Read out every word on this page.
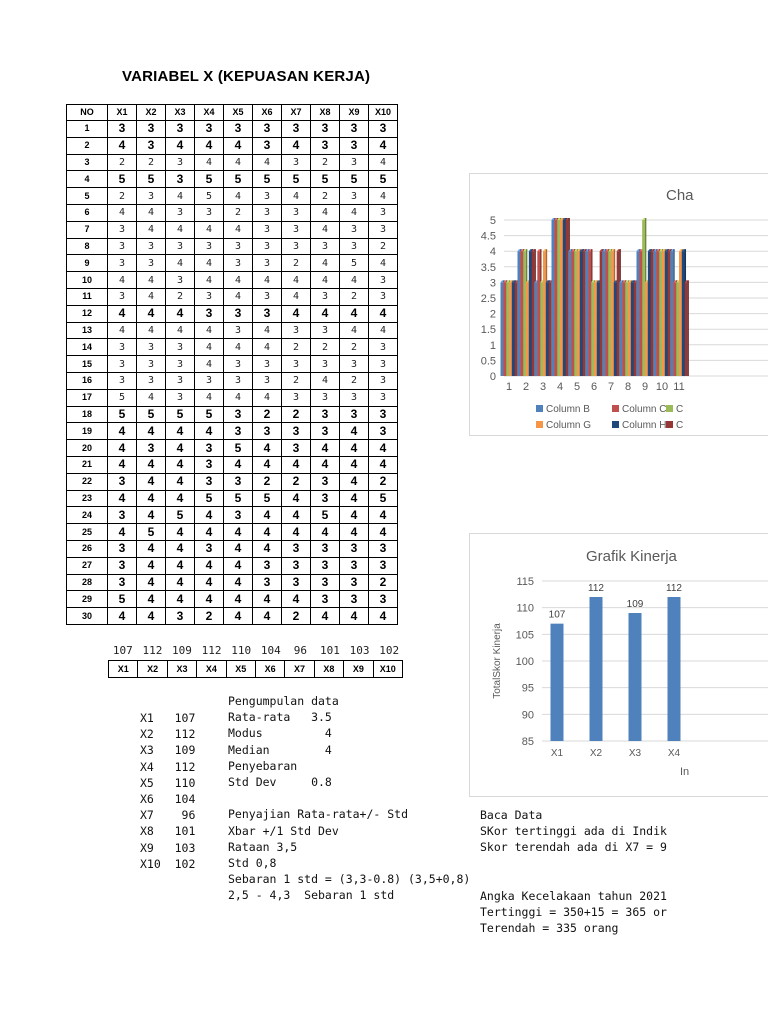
VARIABEL X (KEPUASAN KERJA)
NO	X1	X2	X3	X4	X5	X6	X7	X8	X9	X10
1	3	3	3	3	3	3	3	3	3	3
2	4	3	4	4	4	3	4	3	3	4
3	2	2	3	4	4	4	3	2	3	4
4	5	5	3	5	5	5	5	5	5	5
5	2	3	4	5	4	3	4	2	3	4
6	4	4	3	3	2	3	3	4	4	3
7	3	4	4	4	4	3	3	4	3	3
8	3	3	3	3	3	3	3	3	3	2
9	3	3	4	4	3	3	2	4	5	4
10	4	4	3	4	4	4	4	4	4	3
11	3	4	2	3	4	3	4	3	2	3
12	4	4	4	3	3	3	4	4	4	4
13	4	4	4	4	3	4	3	3	4	4
14	3	3	3	4	4	4	2	2	2	3
15	3	3	3	4	3	3	3	3	3	3
16	3	3	3	3	3	3	2	4	2	3
17	5	4	3	4	4	4	3	3	3	3
18	5	5	5	5	3	2	2	3	3	3
19	4	4	4	4	3	3	3	3	4	3
20	4	3	4	3	5	4	3	4	4	4
21	4	4	4	3	4	4	4	4	4	4
22	3	4	4	3	3	2	2	3	4	2
23	4	4	4	5	5	5	4	3	4	5
24	3	4	5	4	3	4	4	5	4	4
25	4	5	4	4	4	4	4	4	4	4
26	3	4	4	3	4	4	3	3	3	3
27	3	4	4	4	4	3	3	3	3	3
28	3	4	4	4	4	3	3	3	3	2
29	5	4	4	4	4	4	4	3	3	3
30	4	4	3	2	4	4	2	4	4	4
107 112 109 112 110 104 96 101 103 102
X1	X2	X3	X4	X5	X6	X7	X8	X9	X10
X1   107
X2   112
X3   109
X4   112
X5   110
X6   104
X7    96
X8   101
X9   103
X10  102
Pengumpulan data
Rata-rata   3.5
Modus         4
Median        4
Penyebaran
Std Dev     0.8

Penyajian Rata-rata+/- Std
Xbar +/1 Std Dev
Rataan 3,5
Std 0,8
Sebaran 1 std = (3,3-0.8) (3,5+0,8)
2,5 - 4,3  Sebaran 1 std
Baca Data
SKor tertinggi ada di Indik
Skor terendah ada di X7 = 9

Angka Kecelakaan tahun 2021
Tertinggi = 350+15 = 365 or
Terendah = 335 orang
Cha
0
0.5
1
1.5
2
2.5
3
3.5
4
4.5
5
1 2 3 4 5 6 7 8 9 10 11
Column B	Column C C
Column G	Column H C
Grafik Kinerja
85
90
95
100
105
110
115
TotalSkor Kinerja
107
X1
112
X2
109
X3
112
X4
In
